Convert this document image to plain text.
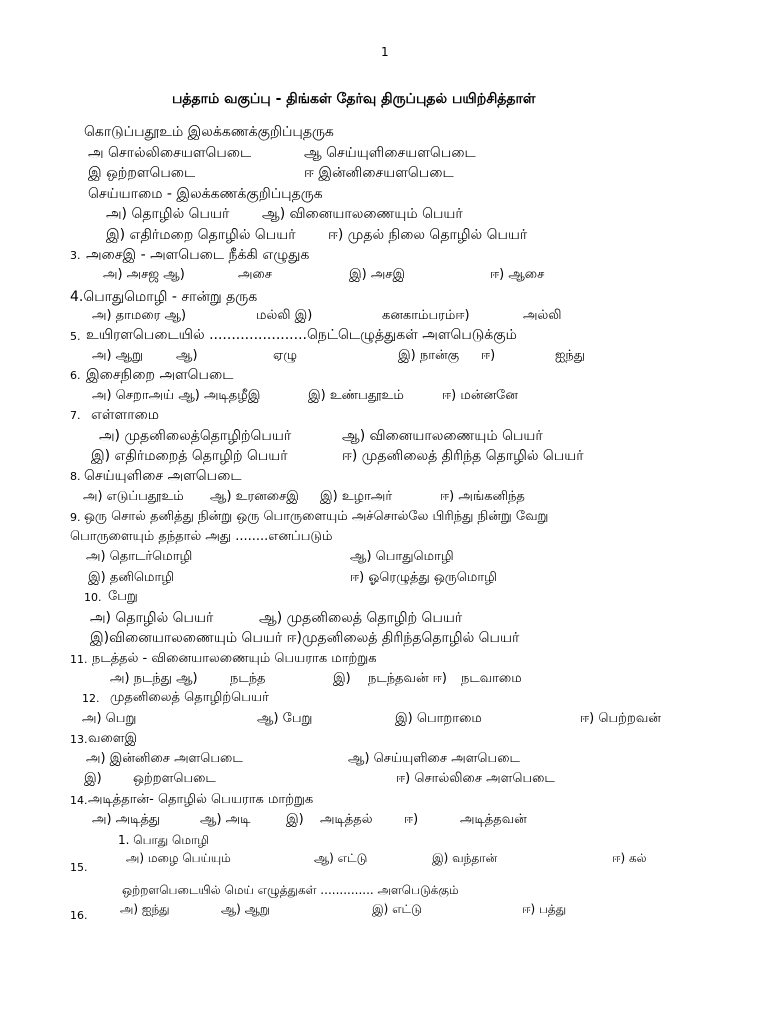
1
பத்தாம் வகுப்பு - திங்கள் தேர்வு திருப்புதல் பயிற்சித்தாள்
கொடுப்பதூஉம் இலக்கணக்குறிப்புதருக
அ சொல்லிசையளபெடை	ஆ செய்யுளிசையளபெடை
இ ஒற்றளபெடை	ஈ இன்னிசையளபெடை
செய்யாமை - இலக்கணக்குறிப்புதருக
அ) தொழில் பெயர் ஆ) வினையாலணையும் பெயர்
இ) எதிர்மறை தொழில் பெயர் ஈ) முதல் நிலை தொழில் பெயர்
3. அசைஇ - அளபெடை நீக்கி எழுதுக
அ) அசஜ ஆ)	அசை	இ) அசஇ	ஈ) ஆசை
4.பொதுமொழி - சான்று தருக
அ) தாமரை ஆ)	மல்லி இ)	கனகாம்பரம்ஈ)	அல்லி
5. உயிரளபெடையில் ......................நெட்டெழுத்துகள் அளபெடுக்கும்
அ) ஆறு	ஆ)	ஏழு	இ) நான்கு ஈ)	ஐந்து
6. இசைநிறை அளபெடை
அ) செறாஅய் ஆ) அடிதழீஇ	இ) உண்பதூஉம்	ஈ) மன்னனே
7. எள்ளாமை
அ) முதனிலைத்தொழிற்பெயர்	ஆ) வினையாலணையும் பெயர்
இ) எதிர்மறைத் தொழிற் பெயர்	ஈ) முதனிலைத் திரிந்த தொழில் பெயர்
8. செய்யுளிசை அளபெடை
அ) எடுப்பதூஉம் ஆ) உரனசைஇ இ) உழாஅர்	ஈ) அங்கனிந்த
9. ஒரு சொல் தனித்து நின்று ஒரு பொருளையும் அச்சொல்லே பிரிந்து நின்று வேறு
பொருளையும் தந்தால் அது ........எனப்படும்
அ) தொடர்மொழி	ஆ) பொதுமொழி
இ) தனிமொழி	ஈ) ஓரெழுத்து ஒருமொழி
10. பேறு
அ) தொழில் பெயர்	ஆ) முதனிலைத் தொழிற் பெயர்
இ)வினையாலணையும் பெயர் ஈ)முதனிலைத் திரிந்ததொழில் பெயர்
11. நடத்தல் - வினையாலணையும் பெயராக மாற்றுக
அ) நடந்து ஆ) நடந்த	இ) நடந்தவன் ஈ) நடவாமை
12. முதனிலைத் தொழிற்பெயர்
அ) பெறு	ஆ) பேறு	இ) பொறாமை	ஈ) பெற்றவன்
13. வளைஇ
அ) இன்னிசை அளபெடை	ஆ) செய்யுளிசை அளபெடை
இ) ஒற்றளபெடை	ஈ) சொல்லிசை அளபெடை
14. அடித்தான்- தொழில் பெயராக மாற்றுக
அ) அடித்து	ஆ) அடி	இ) அடித்தல் ஈ)	அடித்தவன்
1. பொது மொழி
அ) மழை பெய்யும்	ஆ) எட்டு	இ) வந்தான்	ஈ) கல்
15.
ஒற்றளபெடையில் மெய் எழுத்துகள் .............. அளபெடுக்கும்
அ) ஐந்து	ஆ) ஆறு	இ) எட்டு	ஈ) பத்து
16.
